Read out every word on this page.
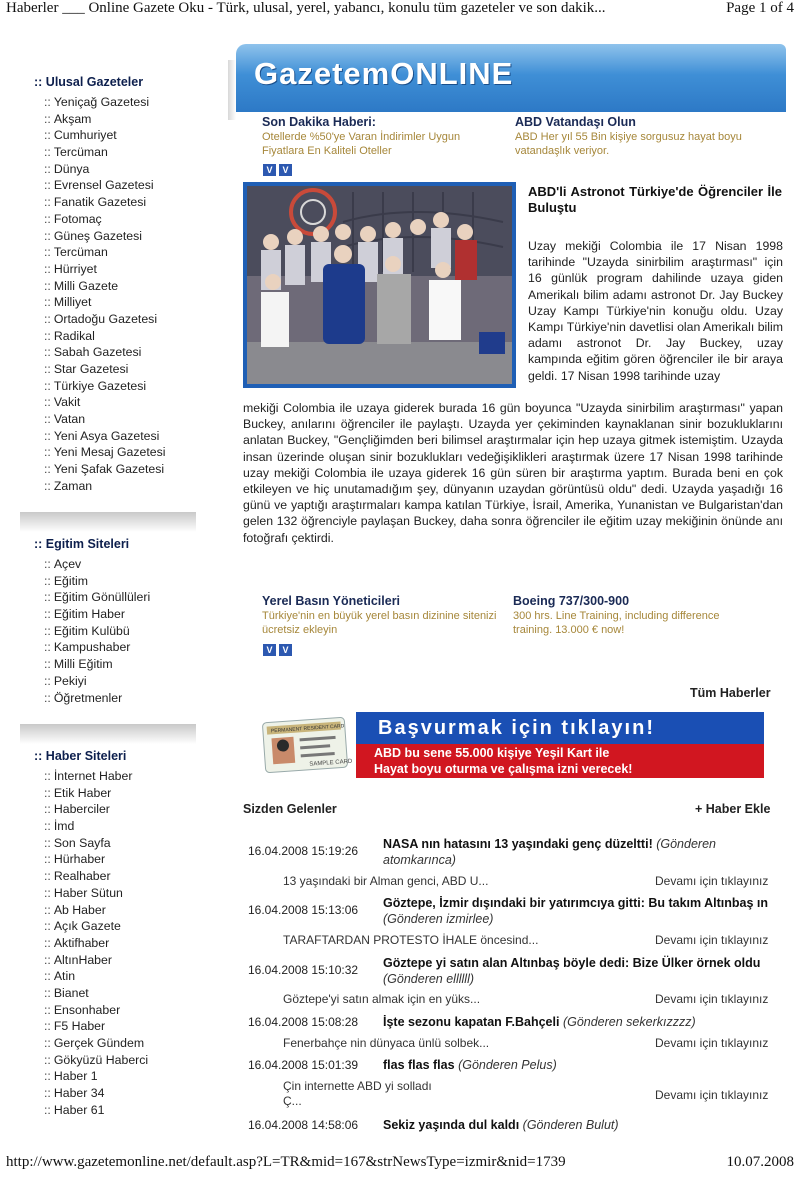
Haberler ___ Online Gazete Oku - Türk, ulusal, yerel, yabancı, konulu tüm gazeteler ve son dakik...	Page 1 of 4
:: Ulusal Gazeteler
:: Yeniçağ Gazetesi
:: Akşam
:: Cumhuriyet
:: Tercüman
:: Dünya
:: Evrensel Gazetesi
:: Fanatik Gazetesi
:: Fotomaç
:: Güneş Gazetesi
:: Tercüman
:: Hürriyet
:: Milli Gazete
:: Milliyet
:: Ortadoğu Gazetesi
:: Radikal
:: Sabah Gazetesi
:: Star Gazetesi
:: Türkiye Gazetesi
:: Vakit
:: Vatan
:: Yeni Asya Gazetesi
:: Yeni Mesaj Gazetesi
:: Yeni Şafak Gazetesi
:: Zaman
:: Egitim Siteleri
:: Açev
:: Eğitim
:: Eğitim Gönüllüleri
:: Eğitim Haber
:: Eğitim Kulübü
:: Kampushaber
:: Milli Eğitim
:: Pekiyi
:: Öğretmenler
:: Haber Siteleri
:: İnternet Haber
:: Etik Haber
:: Haberciler
:: İmd
:: Son Sayfa
:: Hürhaber
:: Realhaber
:: Haber Sütun
:: Ab Haber
:: Açık Gazete
:: Aktifhaber
:: AltınHaber
:: Atin
:: Bianet
:: Ensonhaber
:: F5 Haber
:: Gerçek Gündem
:: Gökyüzü Haberci
:: Haber 1
:: Haber 34
:: Haber 61
GazetemONLINE
Son Dakika Haberi:
Otellerde %50'ye Varan İndirimler Uygun Fiyatlara En Kaliteli Oteller
ABD Vatandaşı Olun
ABD Her yıl 55 Bin kişiye sorgusuz hayat boyu vatandaşlık veriyor.
V V
ABD'li Astronot Türkiye'de Öğrenciler İle Buluştu
Uzay mekiği Colombia ile 17 Nisan 1998 tarihinde "Uzayda sinirbilim araştırması" için 16 günlük program dahilinde uzaya giden Amerikalı bilim adamı astronot Dr. Jay Buckey Uzay Kampı Türkiye'nin konuğu oldu. Uzay Kampı Türkiye'nin davetlisi olan Amerikalı bilim adamı astronot Dr. Jay Buckey, uzay kampında eğitim gören öğrenciler ile bir araya geldi. 17 Nisan 1998 tarihinde uzay
mekiği Colombia ile uzaya giderek burada 16 gün boyunca "Uzayda sinirbilim araştırması" yapan Buckey, anılarını öğrenciler ile paylaştı. Uzayda yer çekiminden kaynaklanan sinir bozukluklarını anlatan Buckey, "Gençliğimden beri bilimsel araştırmalar için hep uzaya gitmek istemiştim. Uzayda insan üzerinde oluşan sinir bozuklukları vedeğişiklikleri araştırmak üzere 17 Nisan 1998 tarihinde uzay mekiği Colombia ile uzaya giderek 16 gün süren bir araştırma yaptım. Burada beni en çok etkileyen ve hiç unutamadığım şey, dünyanın uzaydan görüntüsü oldu" dedi. Uzayda yaşadığı 16 günü ve yaptığı araştırmaları kampa katılan Türkiye, İsrail, Amerika, Yunanistan ve Bulgaristan'dan gelen 132 öğrenciyle paylaşan Buckey, daha sonra öğrenciler ile eğitim uzay mekiğinin önünde anı fotoğrafı çektirdi.
Yerel Basın Yöneticileri
Türkiye'nin en büyük yerel basın dizinine sitenizi ücretsiz ekleyin
Boeing 737/300-900
300 hrs. Line Training, including difference training. 13.000 € now!
V V
Tüm Haberler
SAMPLE CARD
PERMANENT RESIDENT CARD	Başvurmak için tıklayın!
ABD bu sene 55.000 kişiye Yeşil Kart ile
Hayat boyu oturma ve çalışma izni verecek!
Sizden Gelenler	+ Haber Ekle
16.04.2008 15:19:26 NASA nın hatasını 13 yaşındaki genç düzeltti! (Gönderen atomkarınca)
13 yaşındaki bir Alman genci, ABD U...	Devamı için tıklayınız
16.04.2008 15:13:06 Göztepe, İzmir dışındaki bir yatırımcıya gitti: Bu takım Altınbaş ın (Gönderen izmirlee)
TARAFTARDAN PROTESTO İHALE öncesind...	Devamı için tıklayınız
16.04.2008 15:10:32 Göztepe yi satın alan Altınbaş böyle dedi: Bize Ülker örnek oldu (Gönderen ellllll)
Göztepe'yi satın almak için en yüks...	Devamı için tıklayınız
16.04.2008 15:08:28 İşte sezonu kapatan F.Bahçeli (Gönderen sekerkızzzz)
Fenerbahçe nin dünyaca ünlü solbek...	Devamı için tıklayınız
16.04.2008 15:01:39 flas flas flas (Gönderen Pelus)
Çin internette ABD yi solladı Ç...	Devamı için tıklayınız
16.04.2008 14:58:06 Sekiz yaşında dul kaldı (Gönderen Bulut)
http://www.gazetemonline.net/default.asp?L=TR&mid=167&strNewsType=izmir&nid=1739	10.07.2008
